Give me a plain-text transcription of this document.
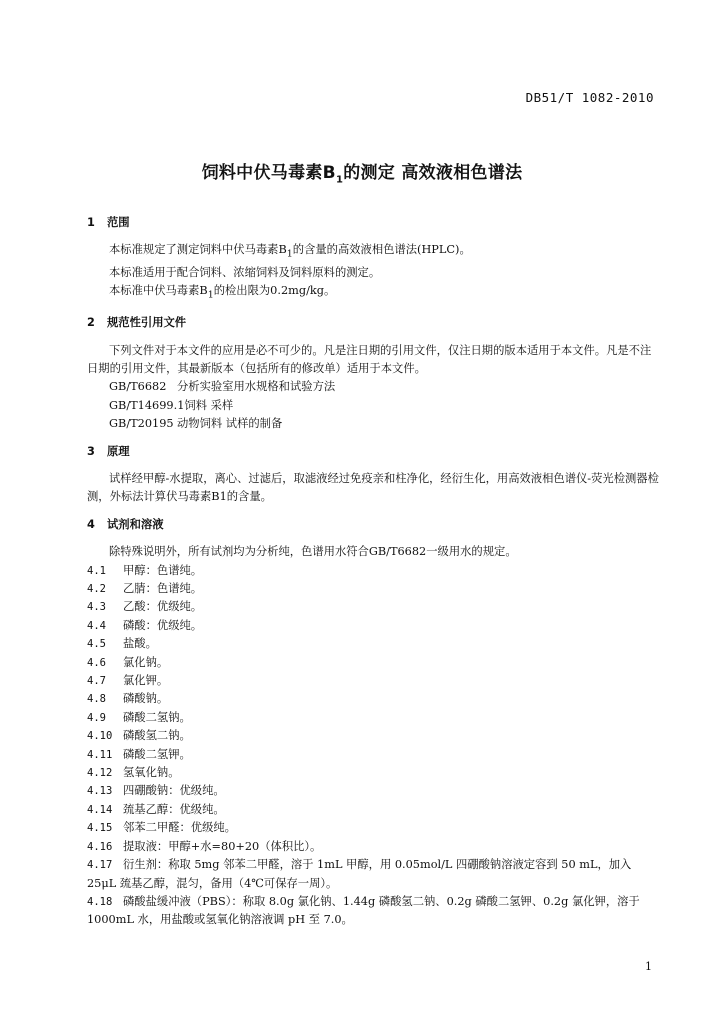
DB51/T 1082-2010
饲料中伏马毒素$B_1$的测定 高效液相色谱法

1 范围

本标准规定了测定饲料中伏马毒素$B_1$的含量的高效液相色谱法(HPLC)。

本标准适用于配合饲料、浓缩饲料及饲料原料的测定。

本标准中伏马毒素$B_1$的检出限为0.2mg/kg。

2 规范性引用文件

下列文件对于本文件的应用是必不可少的。凡是注日期的引用文件，仅注日期的版本适用于本文件。凡是不注日期的引用文件，其最新版本（包括所有的修改单）适用于本文件。

GB/T6682 分析实验室用水规格和试验方法

GB/T14699.1饲料 采样

GB/T20195 动物饲料 试样的制备

3 原理

试样经甲醇-水提取，离心、过滤后，取滤液经过免疫亲和柱净化，经衍生化，用高效液相色谱仪-荧光检测器检测，外标法计算伏马毒素B1的含量。

4 试剂和溶液

除特殊说明外，所有试剂均为分析纯，色谱用水符合GB/T6682一级用水的规定。

4.1 甲醇：色谱纯。

4.2 乙腈：色谱纯。

4.3 乙酸：优级纯。

4.4 磷酸：优级纯。

4.5 盐酸。

4.6 氯化钠。

4.7 氯化钾。

4.8 磷酸钠。

4.9 磷酸二氢钠。

4.10 磷酸氢二钠。

4.11 磷酸二氢钾。

4.12 氢氧化钠。

4.13 四硼酸钠：优级纯。

4.14 巯基乙醇：优级纯。

4.15 邻苯二甲醛：优级纯。

4.16 提取液：甲醇+水=80+20（体积比）。

4.17 衍生剂：称取 5mg 邻苯二甲醛，溶于 1mL 甲醇，用 0.05mol/L 四硼酸钠溶液定容到 50 mL，加入 25μL 巯基乙醇，混匀，备用（4℃可保存一周）。

4.18 磷酸盐缓冲液（PBS）：称取 8.0g 氯化钠、1.44g 磷酸氢二钠、0.2g 磷酸二氢钾、0.2g 氯化钾，溶于 1000mL 水，用盐酸或氢氧化钠溶液调 pH 至 7.0。

1
